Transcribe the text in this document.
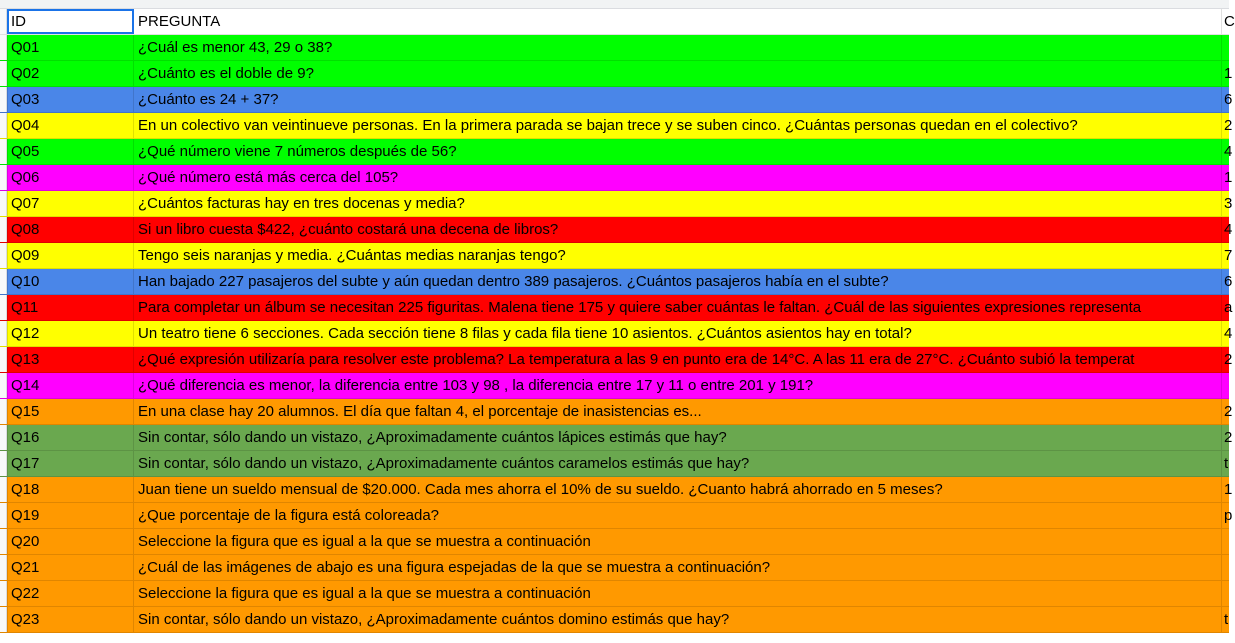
ID	PREGUNTA	C
Q01	¿Cuál es menor 43, 29 o 38?
Q02	¿Cuánto es el doble de 9?	1
Q03	¿Cuánto es 24 + 37?	6
Q04	En un colectivo van veintinueve personas. En la primera parada se bajan trece y se suben cinco. ¿Cuántas personas quedan en el colectivo?	2
Q05	¿Qué número viene 7 números después de 56?	4
Q06	¿Qué número está más cerca del 105?	1
Q07	¿Cuántos facturas hay en tres docenas y media?	3
Q08	Si un libro cuesta $422, ¿cuánto costará una decena de libros?	4
Q09	Tengo seis naranjas y media. ¿Cuántas medias naranjas tengo?	7
Q10	Han bajado 227 pasajeros del subte y aún quedan dentro 389 pasajeros. ¿Cuántos pasajeros había en el subte?	6
Q11	Para completar un álbum se necesitan 225 figuritas. Malena tiene 175 y quiere saber cuántas le faltan. ¿Cuál de las siguientes expresiones representa	a
Q12	Un teatro tiene 6 secciones. Cada sección tiene 8 filas y cada fila tiene 10 asientos. ¿Cuántos asientos hay en total?	4
Q13	¿Qué expresión utilizaría para resolver este problema? La temperatura a las 9 en punto era de 14°C. A las 11 era de 27°C. ¿Cuánto subió la temperat	2
Q14	¿Qué diferencia es menor, la diferencia entre 103 y 98 , la diferencia entre 17 y 11 o entre 201 y 191?
Q15	En una clase hay 20 alumnos. El día que faltan 4, el porcentaje de inasistencias es...	2
Q16	Sin contar, sólo dando un vistazo, ¿Aproximadamente cuántos lápices estimás que hay?	2
Q17	Sin contar, sólo dando un vistazo, ¿Aproximadamente cuántos caramelos estimás que hay?	t
Q18	Juan tiene un sueldo mensual de $20.000. Cada mes ahorra el 10% de su sueldo. ¿Cuanto habrá ahorrado en 5 meses?	1
Q19	¿Que porcentaje de la figura está coloreada?	p
Q20	Seleccione la figura que es igual a la que se muestra a continuación
Q21	¿Cuál de las imágenes de abajo es una figura espejadas de la que se muestra a continuación?
Q22	Seleccione la figura que es igual a la que se muestra a continuación
Q23	Sin contar, sólo dando un vistazo, ¿Aproximadamente cuántos domino estimás que hay?	t
